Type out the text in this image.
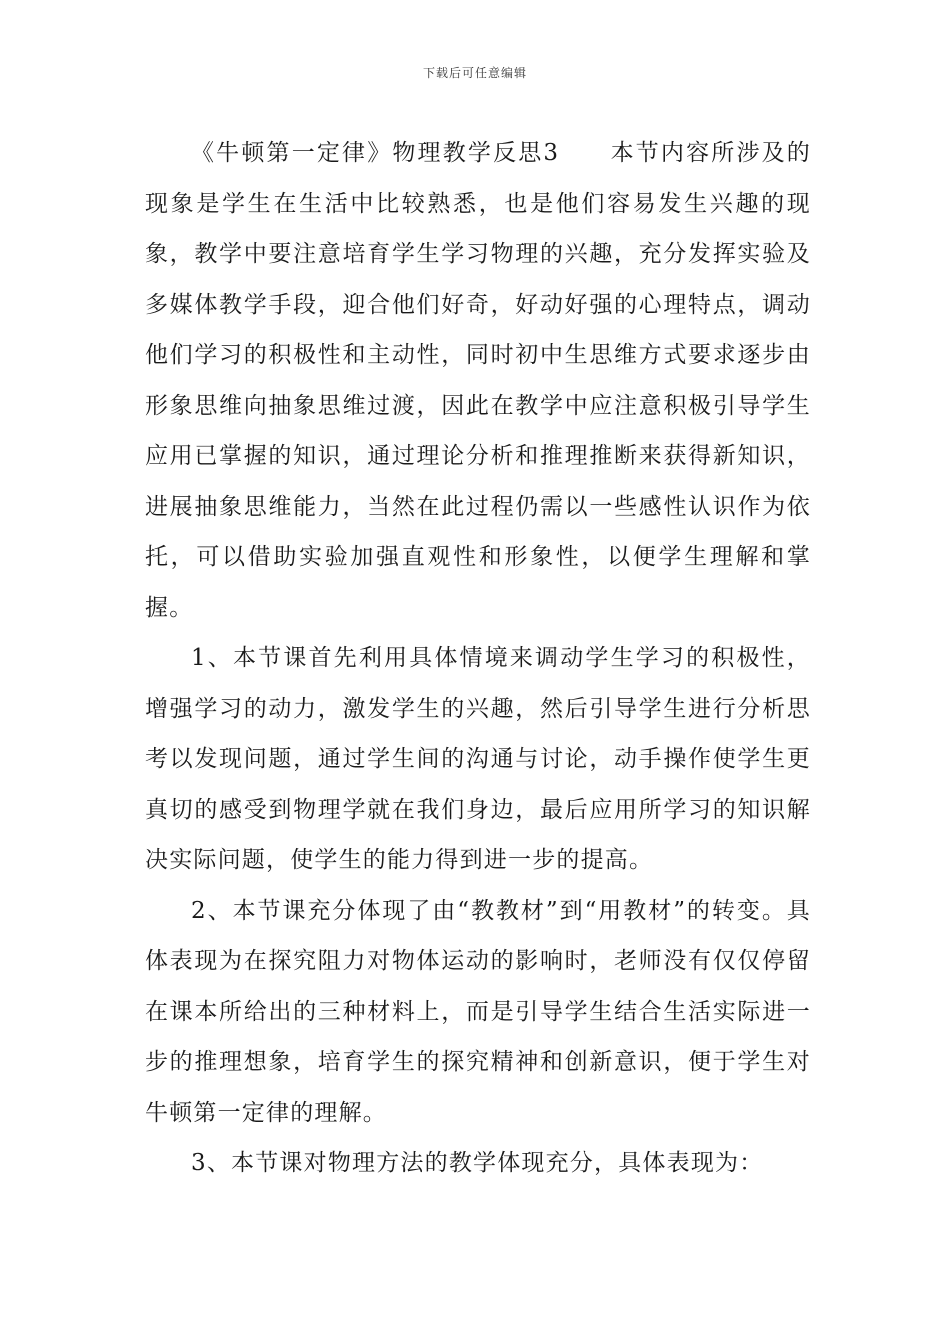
下载后可任意编辑

《牛顿第一定律》物理教学反思3　　本节内容所涉及的现象是学生在生活中比较熟悉，也是他们容易发生兴趣的现象，教学中要注意培育学生学习物理的兴趣，充分发挥实验及多媒体教学手段，迎合他们好奇，好动好强的心理特点，调动他们学习的积极性和主动性，同时初中生思维方式要求逐步由形象思维向抽象思维过渡，因此在教学中应注意积极引导学生应用已掌握的知识，通过理论分析和推理推断来获得新知识，进展抽象思维能力，当然在此过程仍需以一些感性认识作为依托，可以借助实验加强直观性和形象性，以便学生理解和掌握。

1、本节课首先利用具体情境来调动学生学习的积极性，增强学习的动力，激发学生的兴趣，然后引导学生进行分析思考以发现问题，通过学生间的沟通与讨论，动手操作使学生更真切的感受到物理学就在我们身边，最后应用所学习的知识解决实际问题，使学生的能力得到进一步的提高。

2、本节课充分体现了由“教教材”到“用教材”的转变。具体表现为在探究阻力对物体运动的影响时，老师没有仅仅停留在课本所给出的三种材料上，而是引导学生结合生活实际进一步的推理想象，培育学生的探究精神和创新意识，便于学生对牛顿第一定律的理解。

3、本节课对物理方法的教学体现充分，具体表现为：
